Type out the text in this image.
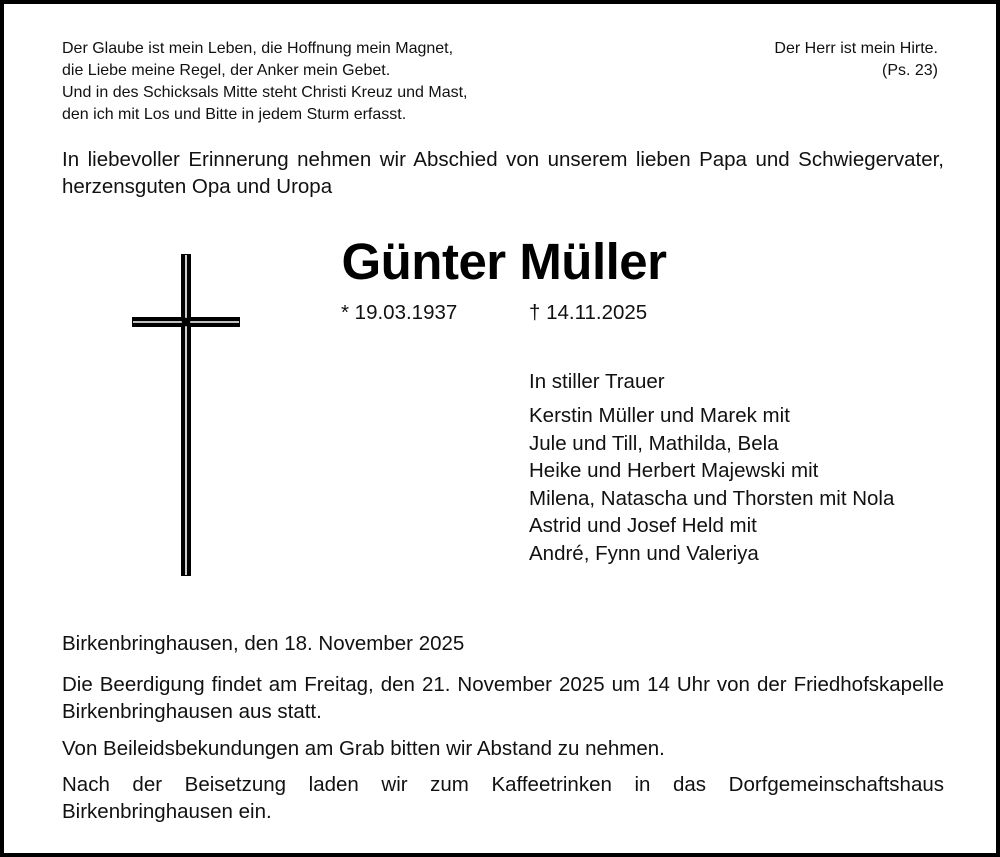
Der Glaube ist mein Leben, die Hoffnung mein Magnet,
die Liebe meine Regel, der Anker mein Gebet.
Und in des Schicksals Mitte steht Christi Kreuz und Mast,
den ich mit Los und Bitte in jedem Sturm erfasst.
Der Herr ist mein Hirte.
(Ps. 23)
In liebevoller Erinnerung nehmen wir Abschied von unserem lieben Papa und Schwiegervater, herzensguten Opa und Uropa
Günter Müller
* 19.03.1937	† 14.11.2025
In stiller Trauer
Kerstin Müller und Marek mit
Jule und Till, Mathilda, Bela
Heike und Herbert Majewski mit
Milena, Natascha und Thorsten mit Nola
Astrid und Josef Held mit
André, Fynn und Valeriya
Birkenbringhausen, den 18. November 2025
Die Beerdigung findet am Freitag, den 21. November 2025 um 14 Uhr von der Friedhofskapelle Birkenbringhausen aus statt.
Von Beileidsbekundungen am Grab bitten wir Abstand zu nehmen.
Nach der Beisetzung laden wir zum Kaffeetrinken in das Dorfgemeinschaftshaus Birkenbringhausen ein.
